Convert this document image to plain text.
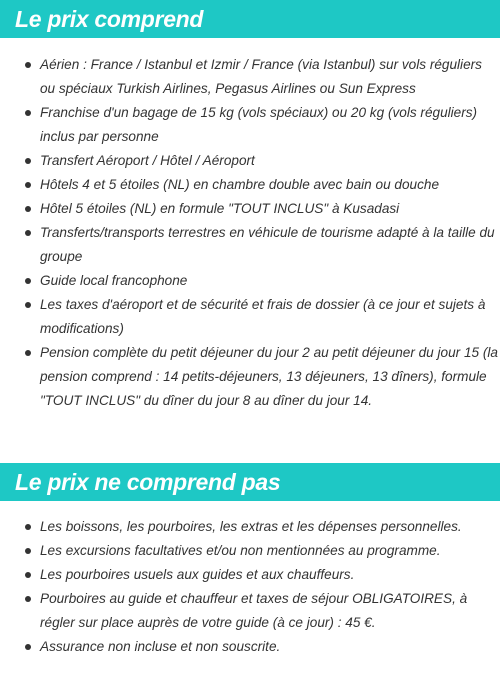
Le prix comprend
Aérien : France / Istanbul et Izmir / France (via Istanbul) sur vols réguliers ou spéciaux Turkish Airlines, Pegasus Airlines ou Sun Express
Franchise d'un bagage de 15 kg (vols spéciaux) ou 20 kg (vols réguliers) inclus par personne
Transfert Aéroport / Hôtel / Aéroport
Hôtels 4 et 5 étoiles (NL) en chambre double avec bain ou douche
Hôtel 5 étoiles (NL) en formule "TOUT INCLUS" à Kusadasi
Transferts/transports terrestres en véhicule de tourisme adapté à la taille du groupe
Guide local francophone
Les taxes d'aéroport et de sécurité et frais de dossier (à ce jour et sujets à modifications)
Pension complète du petit déjeuner du jour 2 au petit déjeuner du jour 15 (la pension comprend : 14 petits-déjeuners, 13 déjeuners, 13 dîners), formule "TOUT INCLUS" du dîner du jour 8 au dîner du jour 14.
Le prix ne comprend pas
Les boissons, les pourboires, les extras et les dépenses personnelles.
Les excursions facultatives et/ou non mentionnées au programme.
Les pourboires usuels aux guides et aux chauffeurs.
Pourboires au guide et chauffeur et taxes de séjour OBLIGATOIRES, à régler sur place auprès de votre guide (à ce jour) : 45 €.
Assurance non incluse et non souscrite.
